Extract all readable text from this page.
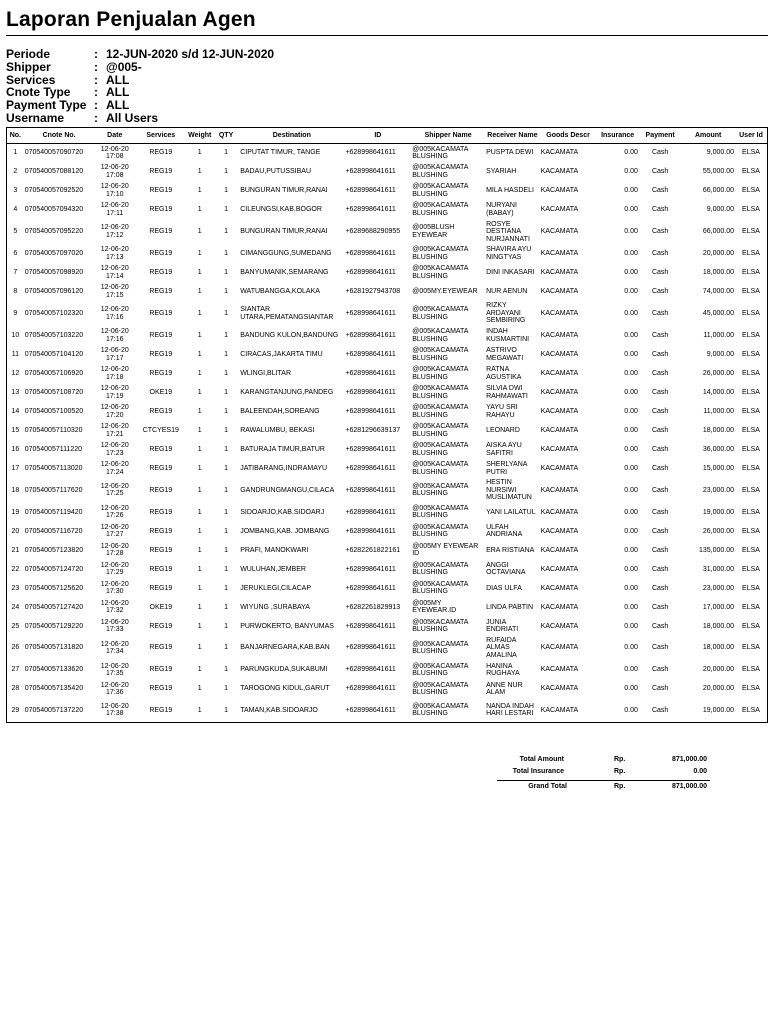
Laporan Penjualan Agen
Periode	: 12-JUN-2020 s/d 12-JUN-2020
Shipper	: @005-
Services	: ALL
Cnote Type	: ALL
Payment Type : ALL
Username	: All Users
No.	Cnote No.	Date	Services	Weight	QTY	Destination	ID	Shipper Name	Receiver Name	Goods Descr	Insurance	Payment	Amount	User Id
1	070540057090720	12-06-20 17:08	REG19	1	1	CIPUTAT TIMUR, TANGE	+628998641611	@005KACAMATA BLUSHING	PUSPTA DEWI	KACAMATA	0.00	Cash	9,000.00	ELSA
2	070540057088120	12-06-20 17:08	REG19	1	1	BADAU,PUTUSSIBAU	+628998641611	@005KACAMATA BLUSHING	SYARIAH	KACAMATA	0.00	Cash	55,000.00	ELSA
3	070540057092520	12-06-20 17:10	REG19	1	1	BUNGURAN TIMUR,RANAI	+628998641611	@005KACAMATA BLUSHING	MILA HASDELI	KACAMATA	0.00	Cash	66,000.00	ELSA
4	070540057094320	12-06-20 17:11	REG19	1	1	CILEUNGSI,KAB.BOGOR	+628998641611	@005KACAMATA BLUSHING	NURYANI (BABAY)	KACAMATA	0.00	Cash	9,000.00	ELSA
5	070540057095220	12-06-20 17:12	REG19	1	1	BUNGURAN TIMUR,RANAI	+6289688290955	@005BLUSH EYEWEAR	ROSYE DESTIANA NURJANNATI	KACAMATA	0.00	Cash	66,000.00	ELSA
6	070540057097020	12-06-20 17:13	REG19	1	1	CIMANGGUNG,SUMEDANG	+628998641611	@005KACAMATA BLUSHING	SHAVIRA AYU NINGTYAS	KACAMATA	0.00	Cash	20,000.00	ELSA
7	070540057098920	12-06-20 17:14	REG19	1	1	BANYUMANIK,SEMARANG	+628998641611	@005KACAMATA BLUSHING	DINI INKASARI	KACAMATA	0.00	Cash	18,000.00	ELSA
8	070540057096120	12-06-20 17:15	REG19	1	1	WATUBANGGA,KOLAKA	+6281927943708	@005MY.EYEWEAR	NUR AENUN	KACAMATA	0.00	Cash	74,000.00	ELSA
9	070540057102320	12-06-20 17:16	REG19	1	1	SIANTAR UTARA,PEMATANGSIANTAR	+628998641611	@005KACAMATA BLUSHING	RIZKY ARDAYANI SEMBIRING	KACAMATA	0.00	Cash	45,000.00	ELSA
10	070540057103220	12-06-20 17:16	REG19	1	1	BANDUNG KULON,BANDUNG	+628998641611	@005KACAMATA BLUSHING	INDAH KUSMARTINI	KACAMATA	0.00	Cash	11,000.00	ELSA
11	070540057104120	12-06-20 17:17	REG19	1	1	CIRACAS,JAKARTA TIMU	+628998641611	@005KACAMATA BLUSHING	ASTRIVO MEGAWATI	KACAMATA	0.00	Cash	9,000.00	ELSA
12	070540057106920	12-06-20 17:18	REG19	1	1	WLINGI,BLITAR	+628998641611	@005KACAMATA BLUSHING	RATNA AGUSTIKA	KACAMATA	0.00	Cash	26,000.00	ELSA
13	070540057108720	12-06-20 17:19	OKE19	1	1	KARANGTANJUNG,PANDEG	+628998641611	@005KACAMATA BLUSHING	SILVIA DWI RAHMAWATI	KACAMATA	0.00	Cash	14,000.00	ELSA
14	070540057100520	12-06-20 17:20	REG19	1	1	BALEENDAH,SOREANG	+628998641611	@005KACAMATA BLUSHING	YAYU SRI RAHAYU	KACAMATA	0.00	Cash	11,000.00	ELSA
15	070540057110320	12-06-20 17:21	CTCYES19	1	1	RAWALUMBU, BEKASI	+6281296639137	@005KACAMATA BLUSHING	LEONARD	KACAMATA	0.00	Cash	18,000.00	ELSA
16	070540057111220	12-06-20 17:23	REG19	1	1	BATURAJA TIMUR,BATUR	+628998641611	@005KACAMATA BLUSHING	AISKA AYU SAFITRI	KACAMATA	0.00	Cash	36,000.00	ELSA
17	070540057113020	12-06-20 17:24	REG19	1	1	JATIBARANG,INDRAMAYU	+628998641611	@005KACAMATA BLUSHING	SHERLYANA PUTRI	KACAMATA	0.00	Cash	15,000.00	ELSA
18	070540057117620	12-06-20 17:25	REG19	1	1	GANDRUNGMANGU,CILACA	+628998641611	@005KACAMATA BLUSHING	HESTIN NURSIWI MUSLIMATUN	KACAMATA	0.00	Cash	23,000.00	ELSA
19	070540057119420	12-06-20 17:26	REG19	1	1	SIDOARJO,KAB.SIDOARJ	+628998641611	@005KACAMATA BLUSHING	YANI LAILATUL	KACAMATA	0.00	Cash	19,000.00	ELSA
20	070540057116720	12-06-20 17:27	REG19	1	1	JOMBANG,KAB. JOMBANG	+628998641611	@005KACAMATA BLUSHING	ULFAH ANDRIANA	KACAMATA	0.00	Cash	26,000.00	ELSA
21	070540057123820	12-06-20 17:28	REG19	1	1	PRAFI, MANOKWARI	+6282261822161	@005MY EYEWEAR ID	ERA RISTIANA	KACAMATA	0.00	Cash	135,000.00	ELSA
22	070540057124720	12-06-20 17:29	REG19	1	1	WULUHAN,JEMBER	+628998641611	@005KACAMATA BLUSHING	ANGGI OCTAVIANA	KACAMATA	0.00	Cash	31,000.00	ELSA
23	070540057125620	12-06-20 17:30	REG19	1	1	JERUKLEGI,CILACAP	+628998641611	@005KACAMATA BLUSHING	DIAS ULFA	KACAMATA	0.00	Cash	23,000.00	ELSA
24	070540057127420	12-06-20 17:32	OKE19	1	1	WIYUNG ,SURABAYA	+6282261829913	@005MY EYEWEAR.ID	LINDA PABTIN	KACAMATA	0.00	Cash	17,000.00	ELSA
25	070540057129220	12-06-20 17:33	REG19	1	1	PURWOKERTO, BANYUMAS	+628998641611	@005KACAMATA BLUSHING	JUNIA ENDRIATI	KACAMATA	0.00	Cash	18,000.00	ELSA
26	070540057131820	12-06-20 17:34	REG19	1	1	BANJARNEGARA,KAB.BAN	+628998641611	@005KACAMATA BLUSHING	RUFAIDA ALMAS AMALINA	KACAMATA	0.00	Cash	18,000.00	ELSA
27	070540057133620	12-06-20 17:35	REG19	1	1	PARUNGKUDA,SUKABUMI	+628998641611	@005KACAMATA BLUSHING	HANINA RUGHAYA	KACAMATA	0.00	Cash	20,000.00	ELSA
28	070540057135420	12-06-20 17:36	REG19	1	1	TAROGONG KIDUL,GARUT	+628998641611	@005KACAMATA BLUSHING	ANNE NUR ALAM	KACAMATA	0.00	Cash	20,000.00	ELSA
29	070540057137220	12-06-20 17:38	REG19	1	1	TAMAN,KAB.SIDOARJO	+628998641611	@005KACAMATA BLUSHING	NANDA INDAH HARI LESTARI	KACAMATA	0.00	Cash	19,000.00	ELSA
Total Amount	Rp.	871,000.00
Total Insurance	Rp.	0.00
Grand Total	Rp.	871,000.00
